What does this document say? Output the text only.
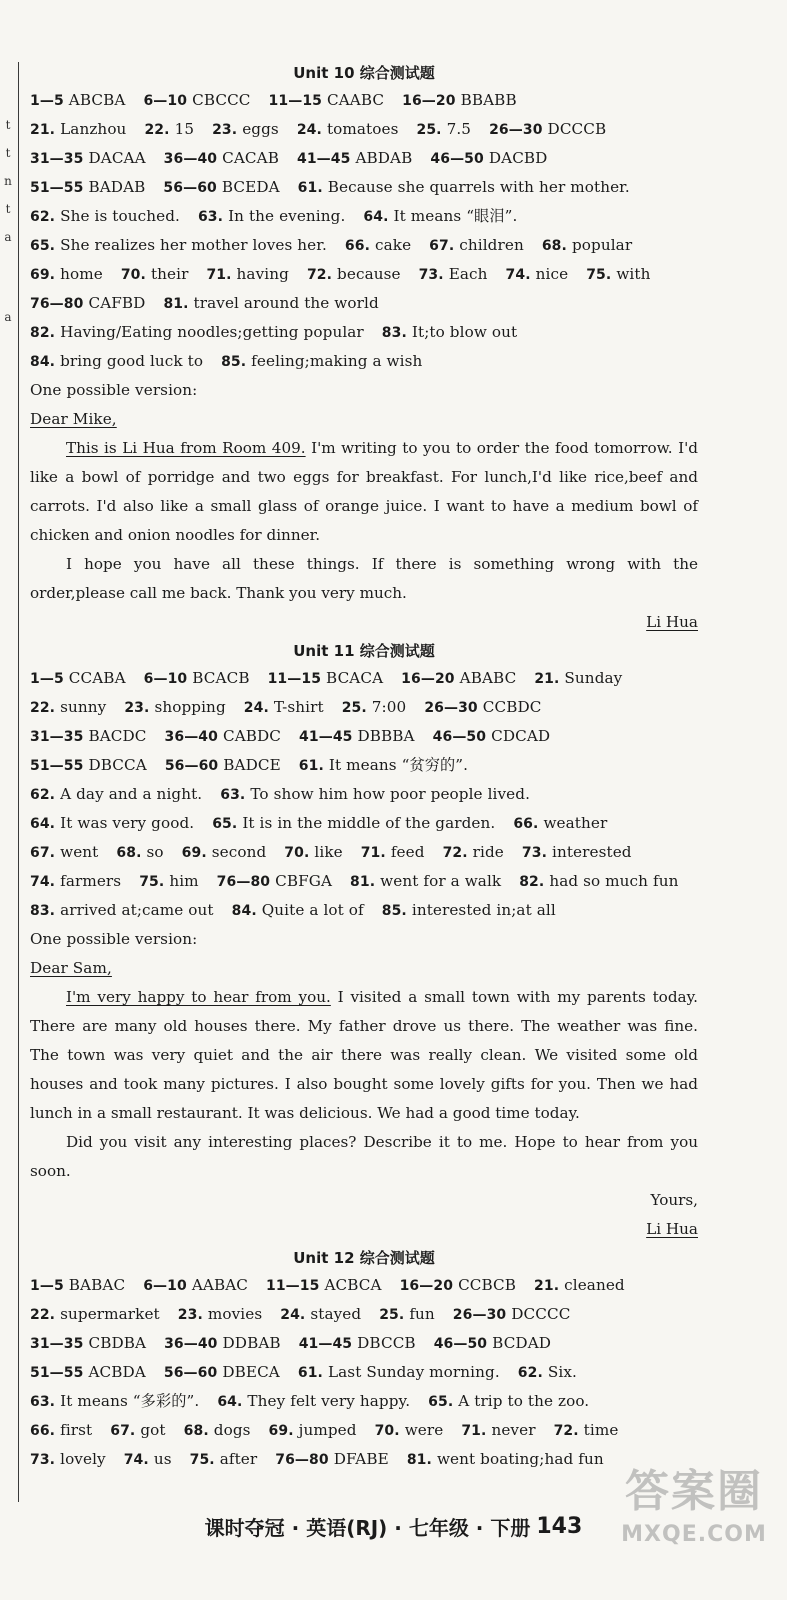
t
t
n
t
a
a
Unit 10 综合测试题
1—5 ABCBA 6—10 CBCCC 11—15 CAABC 16—20 BBABB
21. Lanzhou 22. 15 23. eggs 24. tomatoes 25. 7.5 26—30 DCCCB
31—35 DACAA 36—40 CACAB 41—45 ABDAB 46—50 DACBD
51—55 BADAB 56—60 BCEDA 61. Because she quarrels with her mother.
62. She is touched. 63. In the evening. 64. It means “眼泪”.
65. She realizes her mother loves her. 66. cake 67. children 68. popular
69. home 70. their 71. having 72. because 73. Each 74. nice 75. with
76—80 CAFBD 81. travel around the world
82. Having/Eating noodles;getting popular 83. It;to blow out
84. bring good luck to 85. feeling;making a wish
One possible version:
Dear Mike,
This is Li Hua from Room 409. I'm writing to you to order the food tomorrow. I'd like a bowl of porridge and two eggs for breakfast. For lunch,I'd like rice,beef and carrots. I'd also like a small glass of orange juice. I want to have a medium bowl of chicken and onion noodles for dinner.
I hope you have all these things. If there is something wrong with the order,please call me back. Thank you very much.
Li Hua
Unit 11 综合测试题
1—5 CCABA 6—10 BCACB 11—15 BCACA 16—20 ABABC 21. Sunday
22. sunny 23. shopping 24. T-shirt 25. 7:00 26—30 CCBDC
31—35 BACDC 36—40 CABDC 41—45 DBBBA 46—50 CDCAD
51—55 DBCCA 56—60 BADCE 61. It means “贫穷的”.
62. A day and a night. 63. To show him how poor people lived.
64. It was very good. 65. It is in the middle of the garden. 66. weather
67. went 68. so 69. second 70. like 71. feed 72. ride 73. interested
74. farmers 75. him 76—80 CBFGA 81. went for a walk 82. had so much fun
83. arrived at;came out 84. Quite a lot of 85. interested in;at all
One possible version:
Dear Sam,
I'm very happy to hear from you. I visited a small town with my parents today. There are many old houses there. My father drove us there. The weather was fine. The town was very quiet and the air there was really clean. We visited some old houses and took many pictures. I also bought some lovely gifts for you. Then we had lunch in a small restaurant. It was delicious. We had a good time today.
Did you visit any interesting places? Describe it to me. Hope to hear from you soon.
Yours,
Li Hua
Unit 12 综合测试题
1—5 BABAC 6—10 AABAC 11—15 ACBCA 16—20 CCBCB 21. cleaned
22. supermarket 23. movies 24. stayed 25. fun 26—30 DCCCC
31—35 CBDBA 36—40 DDBAB 41—45 DBCCB 46—50 BCDAD
51—55 ACBDA 56—60 DBECA 61. Last Sunday morning. 62. Six.
63. It means “多彩的”. 64. They felt very happy. 65. A trip to the zoo.
66. first 67. got 68. dogs 69. jumped 70. were 71. never 72. time
73. lovely 74. us 75. after 76—80 DFABE 81. went boating;had fun
课时夺冠 · 英语(RJ) · 七年级 · 下册 143
答案圈
MXQE.COM
